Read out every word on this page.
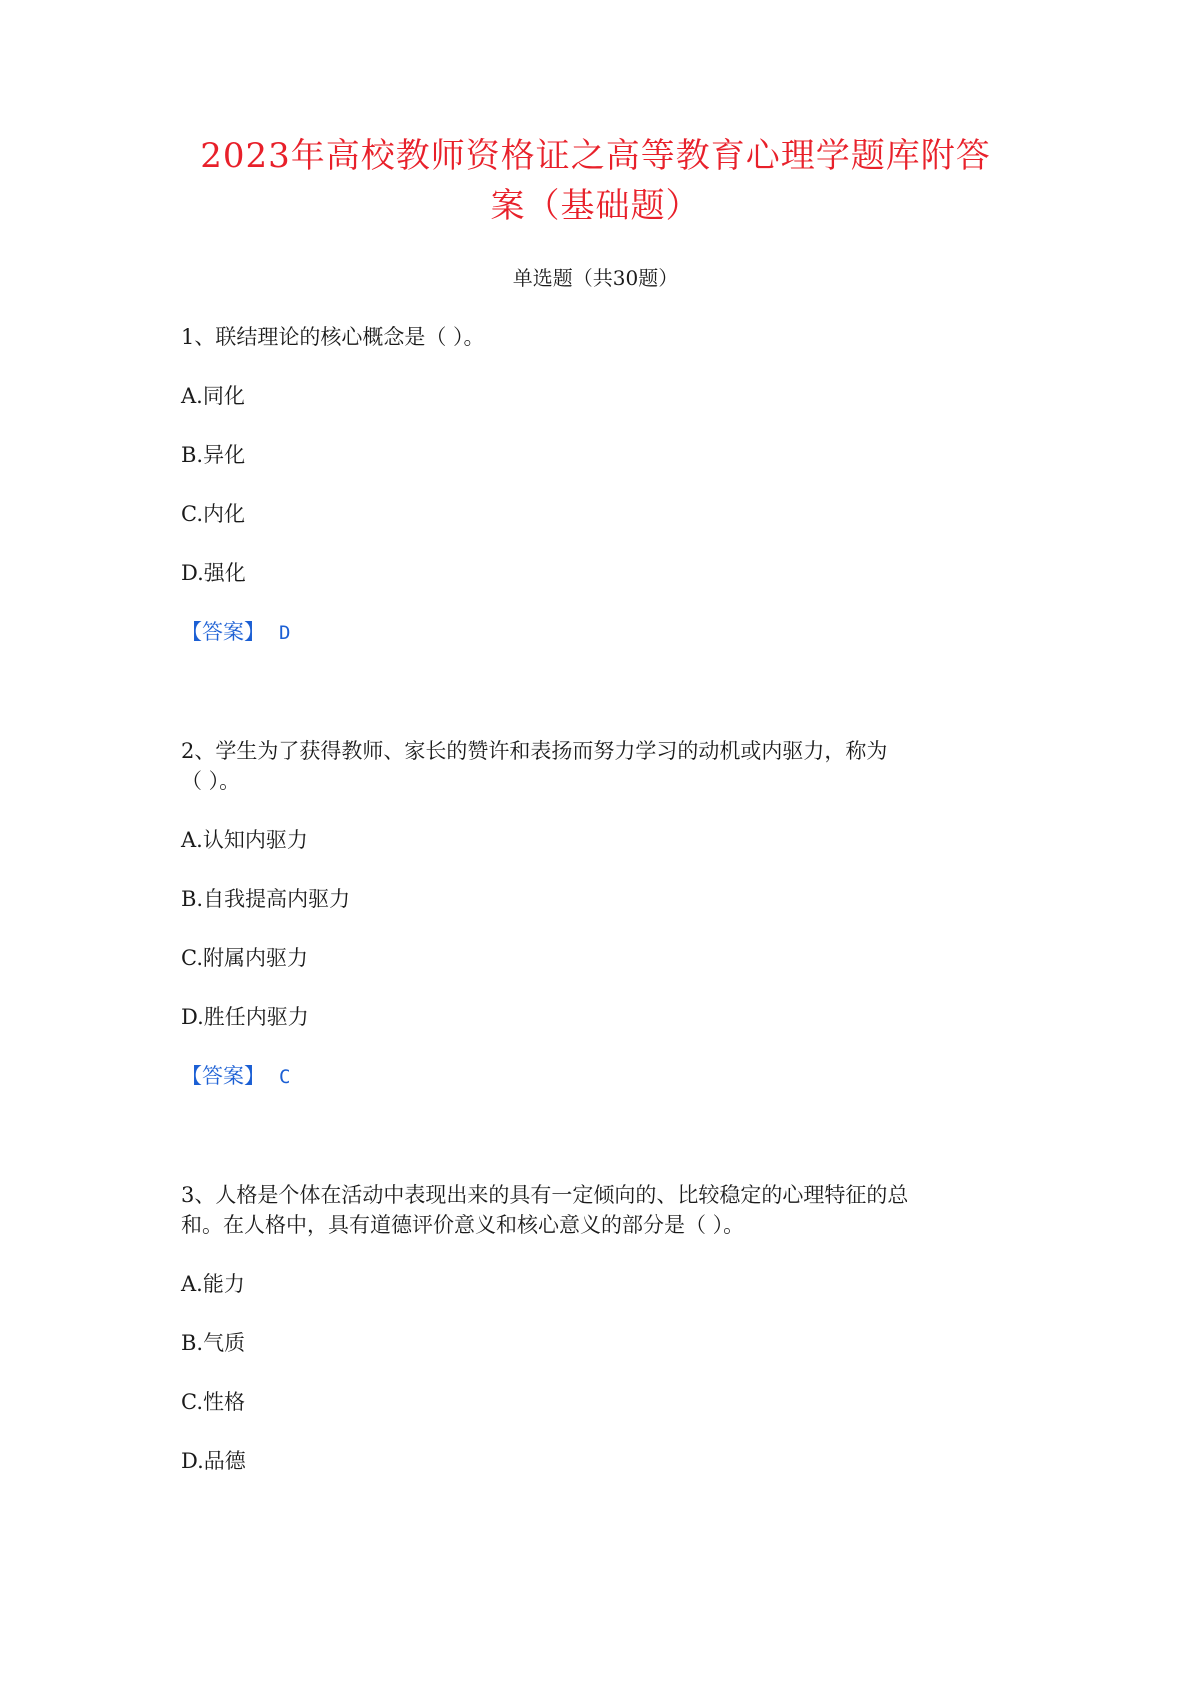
2023年高校教师资格证之高等教育心理学题库附答
案（基础题）
单选题（共30题）
1、联结理论的核心概念是（ ）。
A.同化
B.异化
C.内化
D.强化
【答案】 D
2、学生为了获得教师、家长的赞许和表扬而努力学习的动机或内驱力，称为
（ ）。
A.认知内驱力
B.自我提高内驱力
C.附属内驱力
D.胜任内驱力
【答案】 C
3、人格是个体在活动中表现出来的具有一定倾向的、比较稳定的心理特征的总
和。在人格中，具有道德评价意义和核心意义的部分是（ ）。
A.能力
B.气质
C.性格
D.品德
